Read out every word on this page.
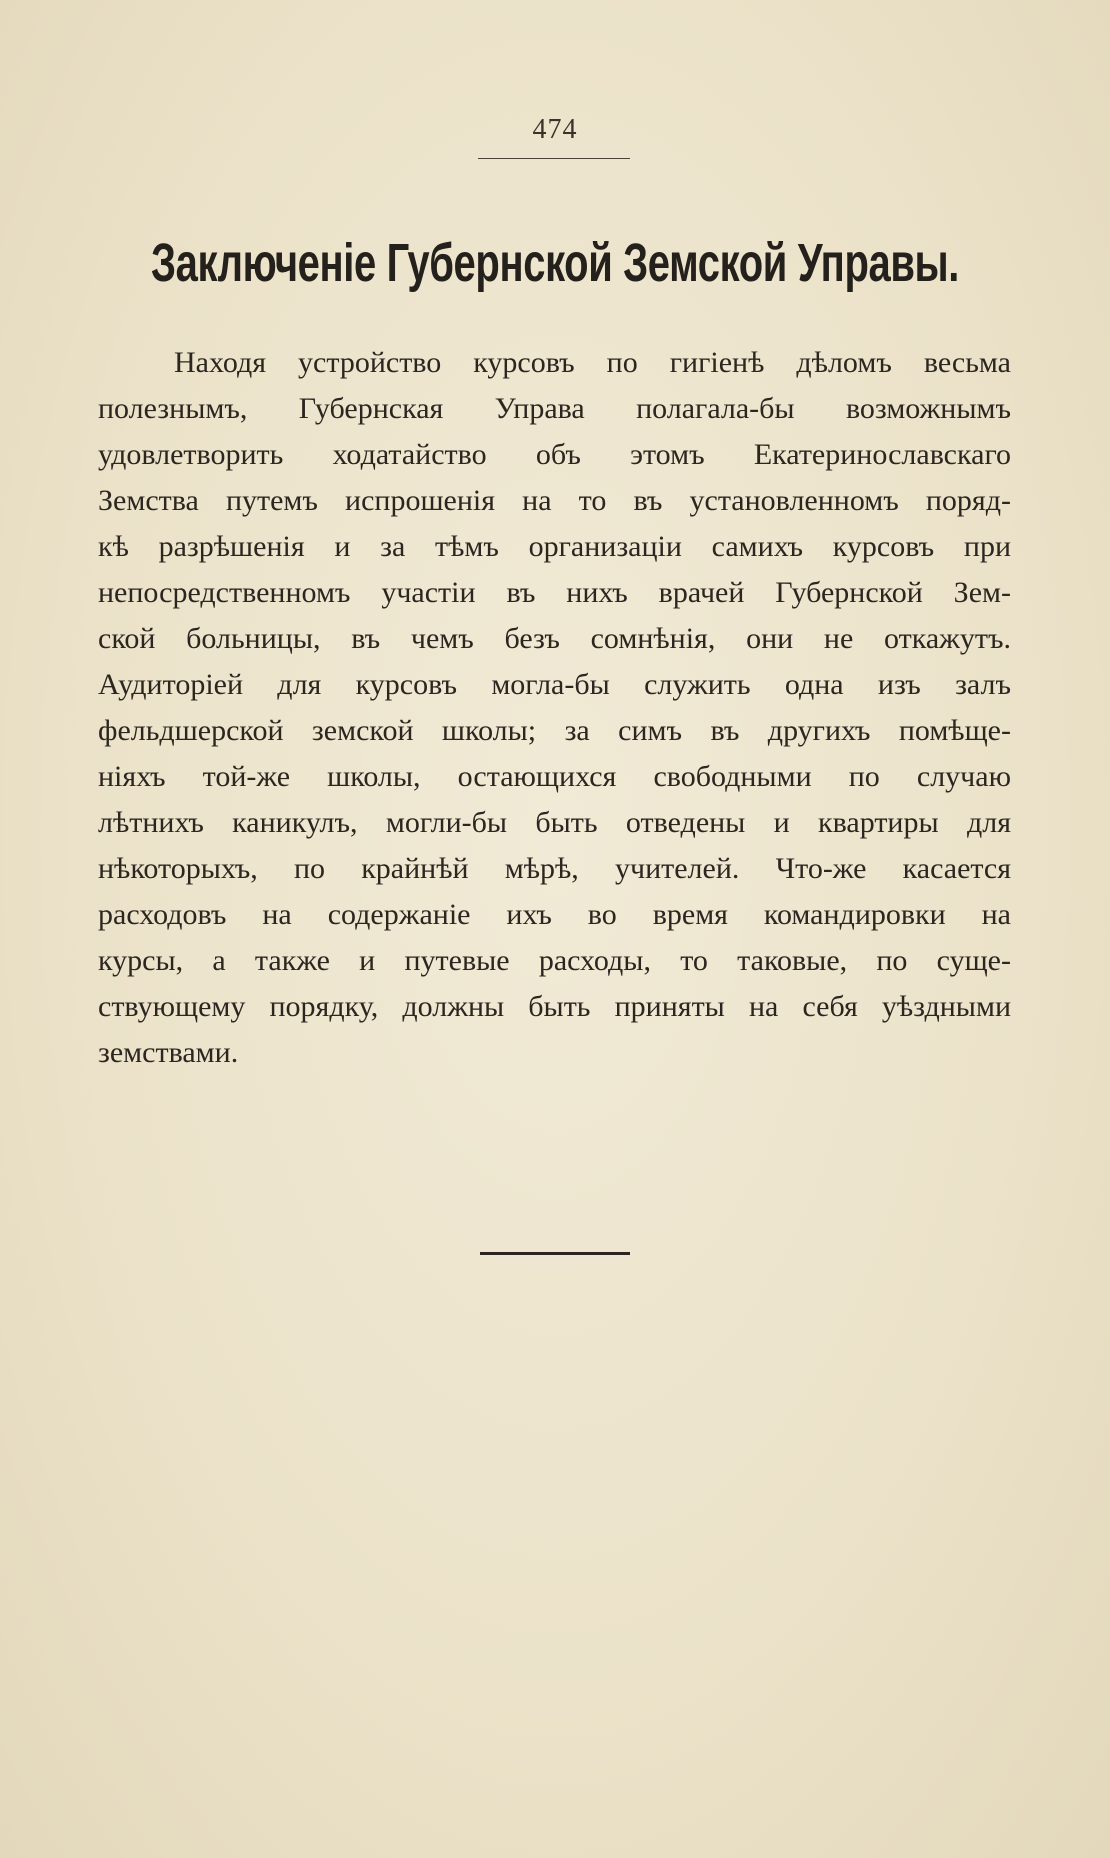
474
Заключеніе Губернской Земской Управы.
Находя устройство курсовъ по гигіенѣ дѣломъ весьма
полезнымъ, Губернская Управа полагала-бы возможнымъ
удовлетворить ходатайство объ этомъ Екатеринославскаго
Земства путемъ испрошенія на то въ установленномъ поряд-
кѣ разрѣшенія и за тѣмъ организаціи самихъ курсовъ при
непосредственномъ участіи въ нихъ врачей Губернской Зем-
ской больницы, въ чемъ безъ сомнѣнія, они не откажутъ.
Аудиторіей для курсовъ могла-бы служить одна изъ залъ
фельдшерской земской школы; за симъ въ другихъ помѣще-
ніяхъ той-же школы, остающихся свободными по случаю
лѣтнихъ каникулъ, могли-бы быть отведены и квартиры для
нѣкоторыхъ, по крайнѣй мѣрѣ, учителей. Что-же касается
расходовъ на содержаніе ихъ во время командировки на
курсы, а также и путевые расходы, то таковые, по суще-
ствующему порядку, должны быть приняты на себя уѣздными
земствами.
